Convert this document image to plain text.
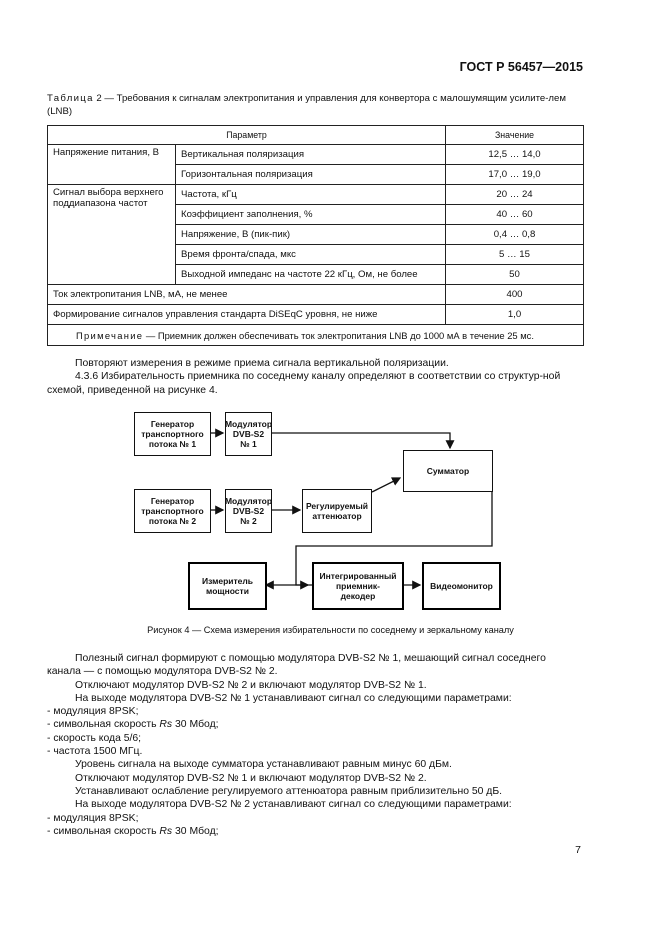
ГОСТ Р 56457—2015
Таблица 2 — Требования к сигналам электропитания и управления для конвертора с малошумящим усилите-лем (LNB)
Параметр		Значение
Напряжение питания, В	Вертикальная поляризация	12,5 … 14,0
	Горизонтальная поляризация	17,0 … 19,0
Сигнал выбора верхнего поддиапазона частот	Частота, кГц	20 … 24
	Коэффициент заполнения, %	40 … 60
	Напряжение, В (пик-пик)	0,4 … 0,8
	Время фронта/спада, мкс	5 … 15
	Выходной импеданс на частоте 22 кГц, Ом, не более	50
Ток электропитания LNB, мА, не менее		400
Формирование сигналов управления стандарта DiSEqC уровня, не ниже		1,0
Примечание — Приемник должен обеспечивать ток электропитания LNB до 1000 мА в течение 25 мс.		

Повторяют измерения в режиме приема сигнала вертикальной поляризации.

4.3.6 Избирательность приемника по соседнему каналу определяют в соответствии со структур-ной схемой, приведенной на рисунке 4.

Генератор
транспортного
потока № 1
Модулятор
DVB-S2
№ 1
Сумматор
Генератор
транспортного
потока № 2
Модулятор
DVB-S2
№ 2
Регулируемый
аттенюатор
Измеритель
мощности
Интегрированный
приемник-
декодер
Видеомонитор
Рисунок 4 — Схема измерения избирательности по соседнему и зеркальному каналу

Полезный сигнал формируют с помощью модулятора DVB-S2 № 1, мешающий сигнал соседнего

канала — с помощью модулятора DVB-S2 № 2.

Отключают модулятор DVB-S2 № 2 и включают модулятор DVB-S2 № 1.

На выходе модулятора DVB-S2 № 1 устанавливают сигнал со следующими параметрами:

- модуляция 8PSK;

- символьная скорость Rs 30 Мбод;

- скорость кода 5/6;

- частота 1500 МГц.

Уровень сигнала на выходе сумматора устанавливают равным минус 60 дБм.

Отключают модулятор DVB-S2 № 1 и включают модулятор DVB-S2 № 2.

Устанавливают ослабление регулируемого аттенюатора равным приблизительно 50 дБ.

На выходе модулятора DVB-S2 № 2 устанавливают сигнал со следующими параметрами:

- модуляция 8PSK;

- символьная скорость Rs 30 Мбод;

7
